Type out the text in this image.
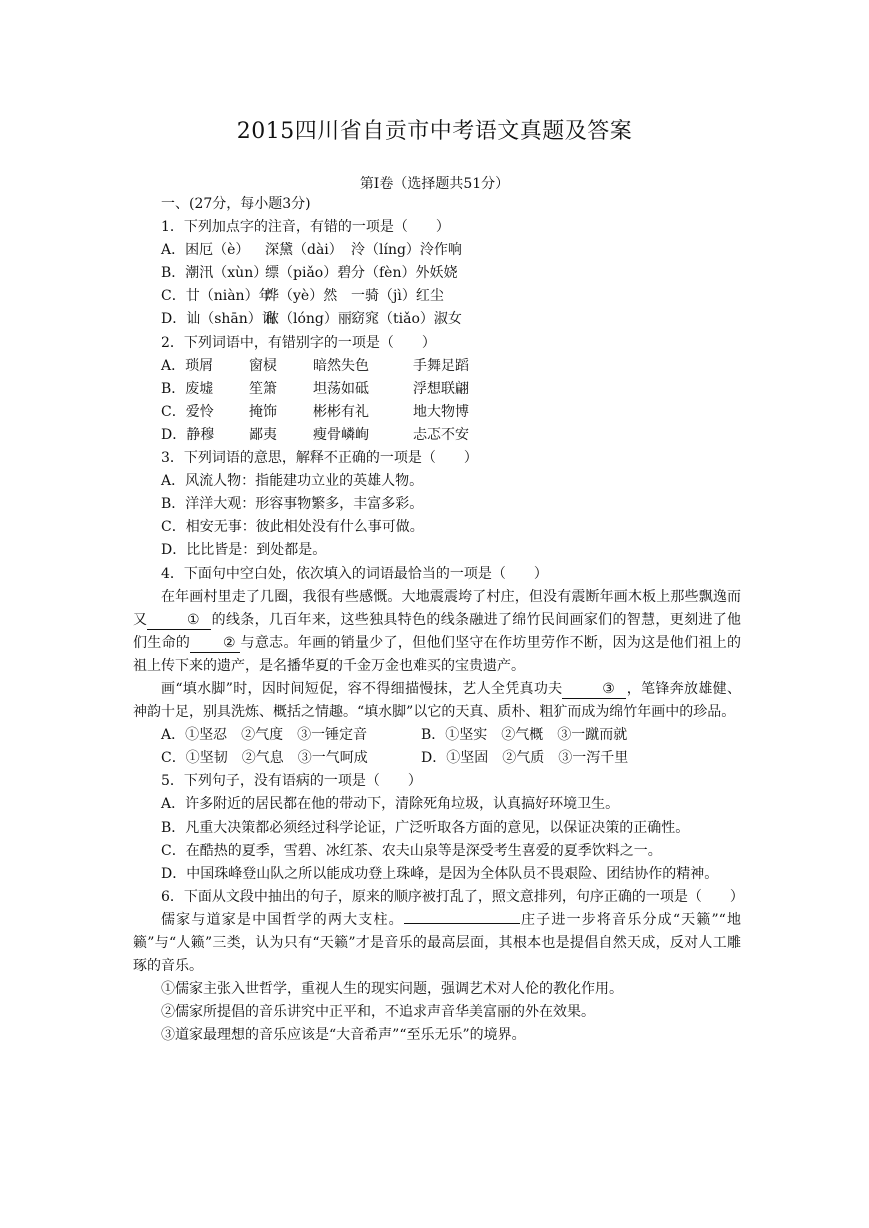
2015四川省自贡市中考语文真题及答案
第Ⅰ卷（选择题共51分）
一、(27分，每小题3分)
1．下列加点字的注音，有错的一项是（　　）
A．困厄（è） 深黛（dài） 泠（líng）泠作响
B．潮汛（xùn）缥（piǎo）碧分（fèn）外妖娆
C．廿（niàn）年烨（yè）然 一骑（jì）红尘
D．讪（shān）讪秾（lóng）丽窈窕（tiǎo）淑女
2．下列词语中，有错别字的一项是（　　）
A．琐屑	窗棂	暗然失色	手舞足蹈
B．废墟	笙箫	坦荡如砥	浮想联翩
C．爱怜	掩饰	彬彬有礼	地大物博
D．静穆 鄙夷	瘦骨嶙峋	忐忑不安
3．下列词语的意思，解释不正确的一项是（　　）
A．风流人物：指能建功立业的英雄人物。
B．洋洋大观：形容事物繁多，丰富多彩。
C．相安无事：彼此相处没有什么事可做。
D．比比皆是：到处都是。
4．下面句中空白处，依次填入的词语最恰当的一项是（　　）
在年画村里走了几圈，我很有些感慨。大地震震垮了村庄，但没有震断年画木板上那些飘逸而又	① 的线条，几百年来，这些独具特色的线条融进了绵竹民间画家们的智慧，更刻进了他们生命的 ② 与意志。年画的销量少了，但他们坚守在作坊里劳作不断，因为这是他们祖上的祖上传下来的遗产，是名播华夏的千金万金也难买的宝贵遗产。
画“填水脚”时，因时间短促，容不得细描慢抹，艺人全凭真功夫	③ ，笔锋奔放雄健、神韵十足，别具洗炼、概括之情趣。“填水脚”以它的天真、质朴、粗犷而成为绵竹年画中的珍品。
A．①坚忍　②气度　③一锤定音	B．①坚实　②气概　③一蹴而就
C．①坚韧　②气息　③一气呵成	D．①坚固　②气质　③一泻千里
5．下列句子，没有语病的一项是（　　）
A．许多附近的居民都在他的带动下，清除死角垃圾，认真搞好环境卫生。
B．凡重大决策都必须经过科学论证，广泛听取各方面的意见，以保证决策的正确性。
C．在酷热的夏季，雪碧、冰红茶、农夫山泉等是深受考生喜爱的夏季饮料之一。
D．中国珠峰登山队之所以能成功登上珠峰，是因为全体队员不畏艰险、团结协作的精神。
6．下面从文段中抽出的句子，原来的顺序被打乱了，照文意排列，句序正确的一项是（　　）
儒家与道家是中国哲学的两大支柱。	庄子进一步将音乐分成“天籁”“地籁”与“人籁”三类，认为只有“天籁”才是音乐的最高层面，其根本也是提倡自然天成，反对人工雕琢的音乐。
①儒家主张入世哲学，重视人生的现实问题，强调艺术对人伦的教化作用。
②儒家所提倡的音乐讲究中正平和，不追求声音华美富丽的外在效果。
③道家最理想的音乐应该是“大音希声”“至乐无乐”的境界。
